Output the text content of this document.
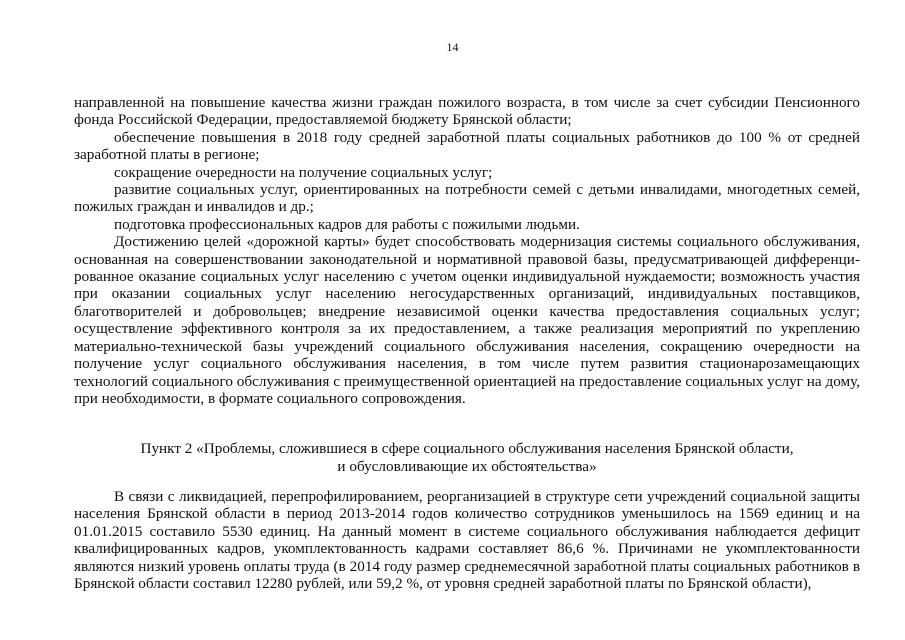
14

направленной на повышение качества жизни граждан пожилого возраста, в том числе за счет субсидии Пенсионного фонда Российской Федерации, предоставляемой бюджету Брянской области;

обеспечение повышения в 2018 году средней заработной платы социальных работников до 100 % от средней заработной платы в регионе;

сокращение очередности на получение социальных услуг;

развитие социальных услуг, ориентированных на потребности семей с детьми инвалидами, многодетных семей, пожилых граждан и инвалидов и др.;

подготовка профессиональных кадров для работы с пожилыми людьми.

Достижению целей «дорожной карты» будет способствовать модернизация системы социального обслуживания, основанная на совершенствовании законодательной и нормативной правовой базы, предусматривающей дифференцированное оказание социальных услуг населению с учетом оценки индивидуальной нуждаемости; возможность участия при оказании социальных услуг населению негосударственных организаций, индивидуальных поставщиков, благотворителей и добровольцев; внедрение независимой оценки качества предоставления социальных услуг; осуществление эффективного контроля за их предоставлением, а также реализация мероприятий по укреплению материально-технической базы учреждений социального обслуживания населения, сокращению очередности на получение услуг социального обслуживания населения, в том числе путем развития стационарозамещающих технологий социального обслуживания с преимущественной ориентацией на предоставление социальных услуг на дому, при необходимости, в формате социального сопровождения.

Пункт 2 «Проблемы, сложившиеся в сфере социального обслуживания населения Брянской области,

и обусловливающие их обстоятельства»

В связи с ликвидацией, перепрофилированием, реорганизацией в структуре сети учреждений социальной защиты населения Брянской области в период 2013-2014 годов количество сотрудников уменьшилось на 1569 единиц и на 01.01.2015 составило 5530 единиц. На данный момент в системе социального обслуживания наблюдается дефицит квалифицированных кадров, укомплектованность кадрами составляет 86,6 %. Причинами не укомплектованности являются низкий уровень оплаты труда (в 2014 году размер среднемесячной заработной платы социальных работников в Брянской области составил 12280 рублей, или 59,2 %, от уровня средней заработной платы по Брянской области),
